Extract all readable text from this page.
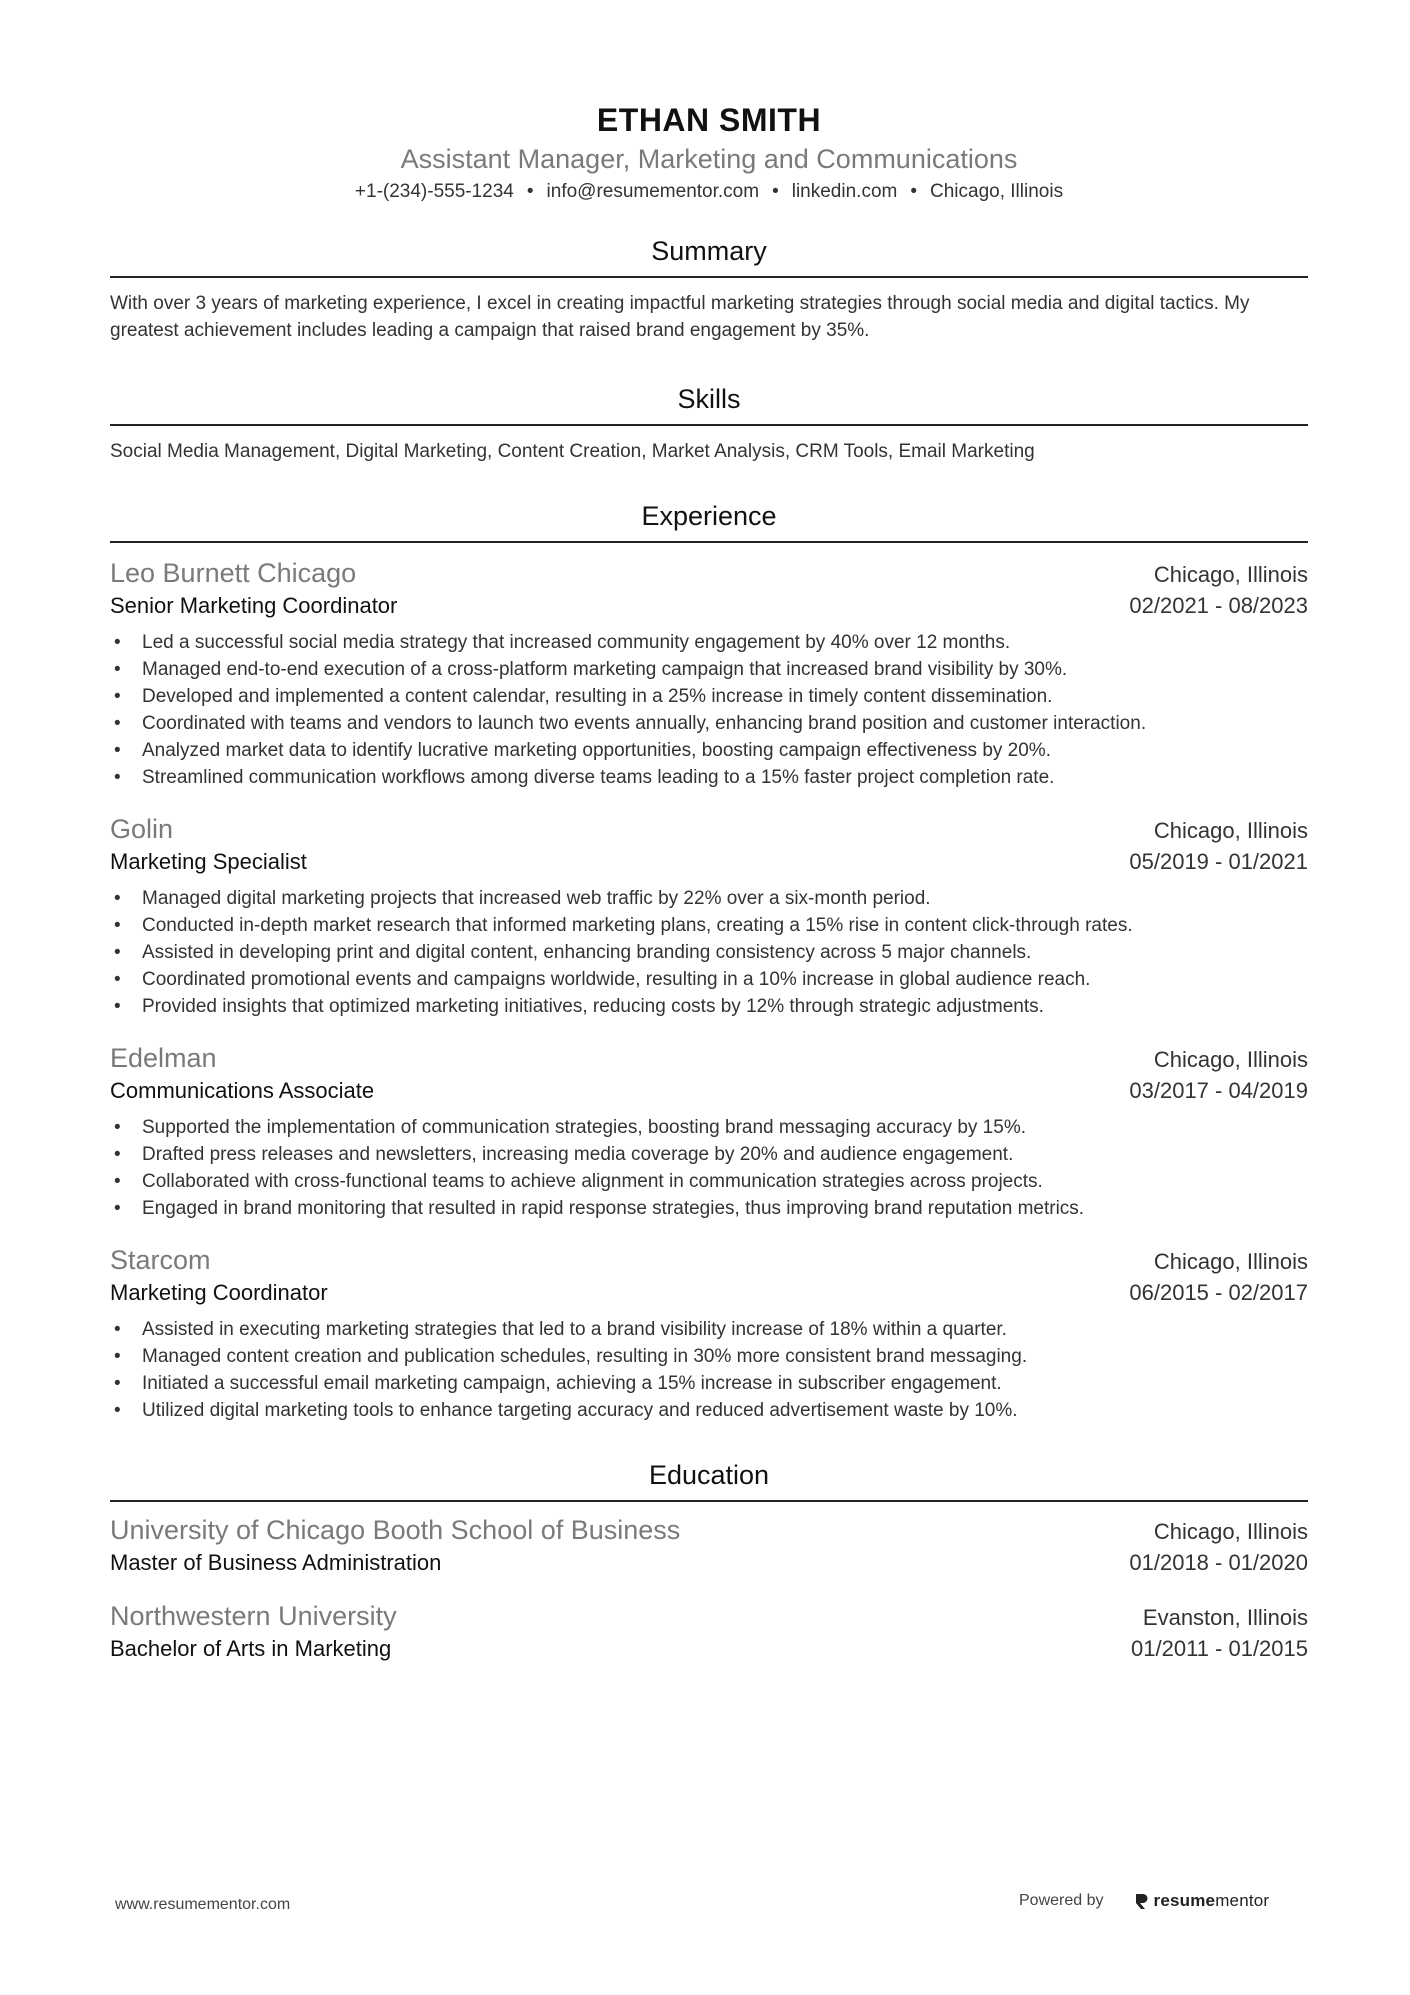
ETHAN SMITH
Assistant Manager, Marketing and Communications
+1-(234)-555-1234 • info@resumementor.com • linkedin.com • Chicago, Illinois
Summary
With over 3 years of marketing experience, I excel in creating impactful marketing strategies through social media and digital tactics. My greatest achievement includes leading a campaign that raised brand engagement by 35%.
Skills
Social Media Management, Digital Marketing, Content Creation, Market Analysis, CRM Tools, Email Marketing
Experience
Leo Burnett Chicago	Chicago, Illinois
Senior Marketing Coordinator	02/2021 - 08/2023
• Led a successful social media strategy that increased community engagement by 40% over 12 months.
• Managed end-to-end execution of a cross-platform marketing campaign that increased brand visibility by 30%.
• Developed and implemented a content calendar, resulting in a 25% increase in timely content dissemination.
• Coordinated with teams and vendors to launch two events annually, enhancing brand position and customer interaction.
• Analyzed market data to identify lucrative marketing opportunities, boosting campaign effectiveness by 20%.
• Streamlined communication workflows among diverse teams leading to a 15% faster project completion rate.
Golin	Chicago, Illinois
Marketing Specialist	05/2019 - 01/2021
• Managed digital marketing projects that increased web traffic by 22% over a six-month period.
• Conducted in-depth market research that informed marketing plans, creating a 15% rise in content click-through rates.
• Assisted in developing print and digital content, enhancing branding consistency across 5 major channels.
• Coordinated promotional events and campaigns worldwide, resulting in a 10% increase in global audience reach.
• Provided insights that optimized marketing initiatives, reducing costs by 12% through strategic adjustments.
Edelman	Chicago, Illinois
Communications Associate	03/2017 - 04/2019
• Supported the implementation of communication strategies, boosting brand messaging accuracy by 15%.
• Drafted press releases and newsletters, increasing media coverage by 20% and audience engagement.
• Collaborated with cross-functional teams to achieve alignment in communication strategies across projects.
• Engaged in brand monitoring that resulted in rapid response strategies, thus improving brand reputation metrics.
Starcom	Chicago, Illinois
Marketing Coordinator	06/2015 - 02/2017
• Assisted in executing marketing strategies that led to a brand visibility increase of 18% within a quarter.
• Managed content creation and publication schedules, resulting in 30% more consistent brand messaging.
• Initiated a successful email marketing campaign, achieving a 15% increase in subscriber engagement.
• Utilized digital marketing tools to enhance targeting accuracy and reduced advertisement waste by 10%.
Education
University of Chicago Booth School of Business	Chicago, Illinois
Master of Business Administration	01/2018 - 01/2020
Northwestern University	Evanston, Illinois
Bachelor of Arts in Marketing	01/2011 - 01/2015
www.resumementor.com	Powered by	resume mentor
